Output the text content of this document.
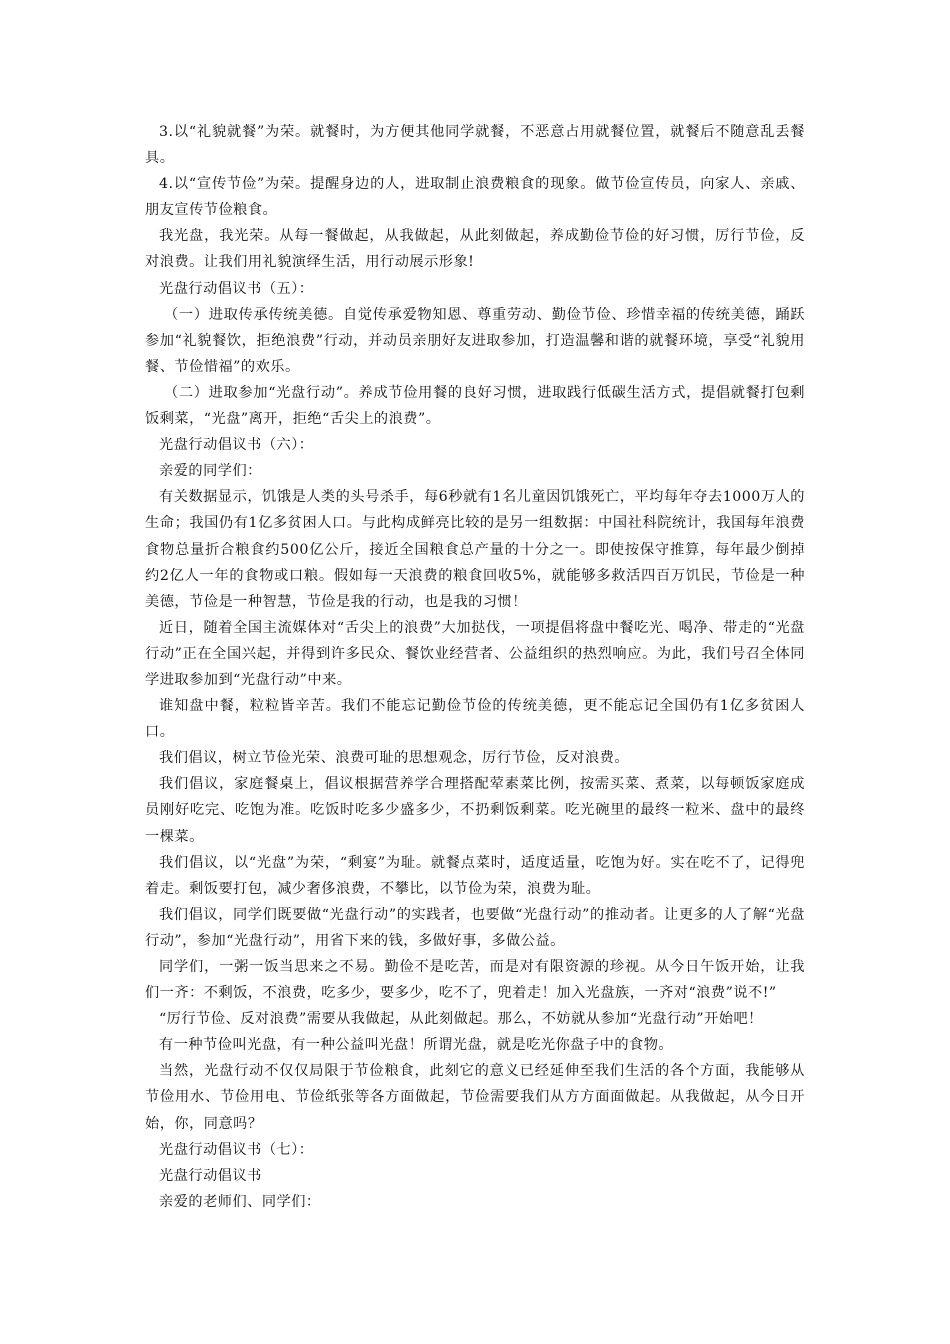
3.以“礼貌就餐”为荣。就餐时，为方便其他同学就餐，不恶意占用就餐位置，就餐后不随意乱丢餐具。

4.以“宣传节俭”为荣。提醒身边的人，进取制止浪费粮食的现象。做节俭宣传员，向家人、亲戚、朋友宣传节俭粮食。

我光盘，我光荣。从每一餐做起，从我做起，从此刻做起，养成勤俭节俭的好习惯，厉行节俭，反对浪费。让我们用礼貌演绎生活，用行动展示形象!

光盘行动倡议书（五）：

（一）进取传承传统美德。自觉传承爱物知恩、尊重劳动、勤俭节俭、珍惜幸福的传统美德，踊跃参加“礼貌餐饮，拒绝浪费”行动，并动员亲朋好友进取参加，打造温馨和谐的就餐环境，享受“礼貌用餐、节俭惜福”的欢乐。

（二）进取参加“光盘行动”。养成节俭用餐的良好习惯，进取践行低碳生活方式，提倡就餐打包剩饭剩菜，“光盘”离开，拒绝“舌尖上的浪费”。

光盘行动倡议书（六）：

亲爱的同学们：

有关数据显示，饥饿是人类的头号杀手，每6秒就有1名儿童因饥饿死亡，平均每年夺去1000万人的生命；我国仍有1亿多贫困人口。与此构成鲜亮比较的是另一组数据：中国社科院统计，我国每年浪费食物总量折合粮食约500亿公斤，接近全国粮食总产量的十分之一。即使按保守推算，每年最少倒掉约2亿人一年的食物或口粮。假如每一天浪费的粮食回收5%，就能够多救活四百万饥民，节俭是一种美德，节俭是一种智慧，节俭是我的行动，也是我的习惯！

近日，随着全国主流媒体对“舌尖上的浪费”大加挞伐，一项提倡将盘中餐吃光、喝净、带走的“光盘行动”正在全国兴起，并得到许多民众、餐饮业经营者、公益组织的热烈响应。为此，我们号召全体同学进取参加到“光盘行动”中来。

谁知盘中餐，粒粒皆辛苦。我们不能忘记勤俭节俭的传统美德，更不能忘记全国仍有1亿多贫困人口。

我们倡议，树立节俭光荣、浪费可耻的思想观念，厉行节俭，反对浪费。

我们倡议，家庭餐桌上，倡议根据营养学合理搭配荤素菜比例，按需买菜、煮菜，以每顿饭家庭成员刚好吃完、吃饱为准。吃饭时吃多少盛多少，不扔剩饭剩菜。吃光碗里的最终一粒米、盘中的最终一棵菜。

我们倡议，以“光盘”为荣，“剩宴”为耻。就餐点菜时，适度适量，吃饱为好。实在吃不了，记得兜着走。剩饭要打包，减少奢侈浪费，不攀比，以节俭为荣，浪费为耻。

我们倡议，同学们既要做“光盘行动”的实践者，也要做“光盘行动”的推动者。让更多的人了解“光盘行动”，参加“光盘行动”，用省下来的钱，多做好事，多做公益。

同学们，一粥一饭当思来之不易。勤俭不是吃苦，而是对有限资源的珍视。从今日午饭开始，让我们一齐：不剩饭，不浪费，吃多少，要多少，吃不了，兜着走！加入光盘族，一齐对“浪费”说不!”

“厉行节俭、反对浪费”需要从我做起，从此刻做起。那么，不妨就从参加“光盘行动”开始吧！

有一种节俭叫光盘，有一种公益叫光盘！所谓光盘，就是吃光你盘子中的食物。

当然，光盘行动不仅仅局限于节俭粮食，此刻它的意义已经延伸至我们生活的各个方面，我能够从节俭用水、节俭用电、节俭纸张等各方面做起，节俭需要我们从方方面面做起。从我做起，从今日开始，你，同意吗？

光盘行动倡议书（七）：

光盘行动倡议书

亲爱的老师们、同学们：
